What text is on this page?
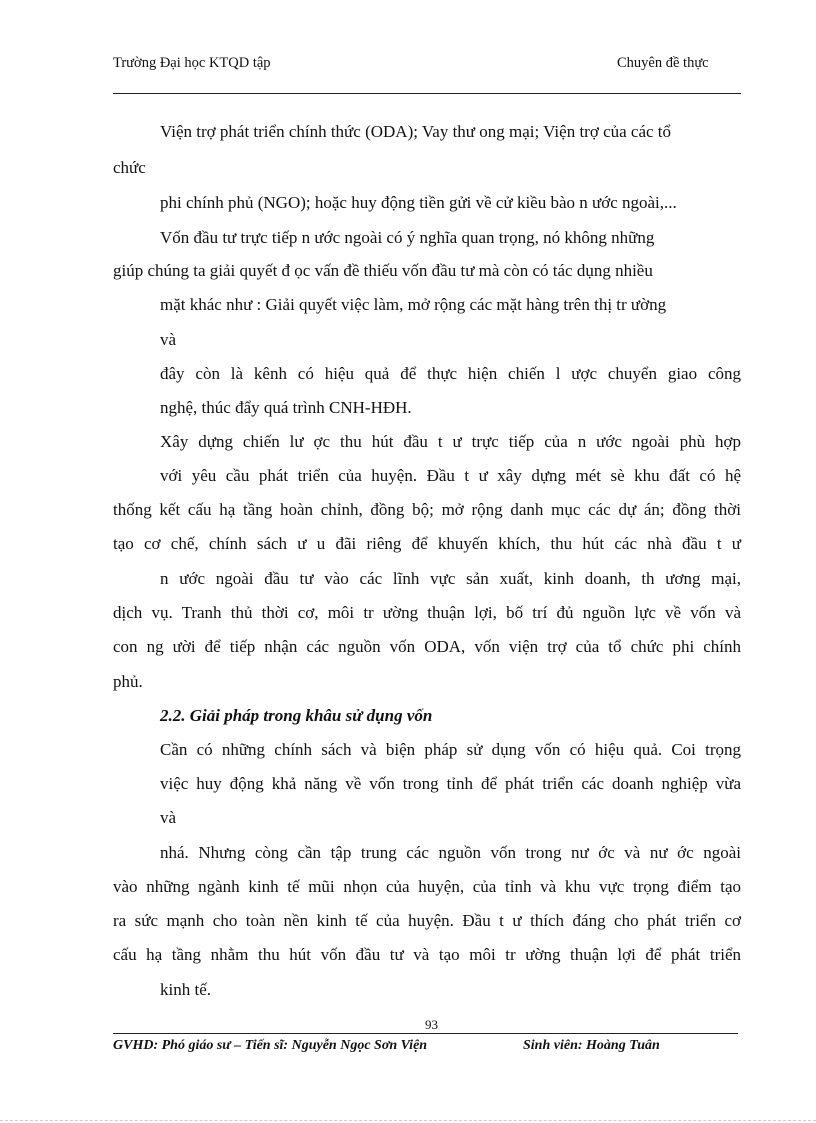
Trường Đại học KTQD tập	Chuyên đề thực
Viện trợ phát triển chính thức (ODA); Vay thư ong mại; Viện trợ của các tổ
chức
phi chính phủ (NGO); hoặc huy động tiền gửi về cử kiều bào n ước ngoài,...
Vốn đầu tư trực tiếp n ước ngoài có ý nghĩa quan trọng, nó không những
giúp chúng ta giải quyết đ ọc vấn đề thiếu vốn đầu tư mà còn có tác dụng nhiều
mặt khác như : Giải quyết việc làm, mở rộng các mặt hàng trên thị tr ường
và
đây còn là kênh có hiệu quả để thực hiện chiến l ược chuyển giao công
nghệ, thúc đẩy quá trình CNH-HĐH.
Xây dựng chiến lư ợc thu hút đầu t ư trực tiếp của n ước ngoài phù hợp
với yêu cầu phát triển của huyện. Đầu t ư xây dựng mét sè khu đất có hệ
thống kết cấu hạ tầng hoàn chỉnh, đồng bộ; mở rộng danh mục các dự án; đồng thời
tạo cơ chế, chính sách ư u đãi riêng để khuyến khích, thu hút các nhà đầu t ư
n ước ngoài đầu tư vào các lĩnh vực sản xuất, kinh doanh, th ương mại,
dịch vụ. Tranh thủ thời cơ, môi tr ường thuận lợi, bố trí đủ nguồn lực về vốn và
con ng ười để tiếp nhận các nguồn vốn ODA, vốn viện trợ của tổ chức phi chính
phủ.
2.2. Giải pháp trong khâu sử dụng vốn
Cần có những chính sách và biện pháp sử dụng vốn có hiệu quả. Coi trọng
việc huy động khả năng về vốn trong tỉnh để phát triển các doanh nghiệp vừa
và
nhá. Nhưng còng cần tập trung các nguồn vốn trong nư ớc và nư ớc ngoài
vào những ngành kinh tế mũi nhọn của huyện, của tỉnh và khu vực trọng điểm tạo
ra sức mạnh cho toàn nền kinh tế của huyện. Đầu t ư thích đáng cho phát triển cơ
cấu hạ tầng nhằm thu hút vốn đầu tư và tạo môi tr ường thuận lợi để phát triển
kinh tế.
93
GVHD: Phó giáo sư – Tiến sĩ: Nguyễn Ngọc Sơn Viện	Sinh viên: Hoàng Tuân
